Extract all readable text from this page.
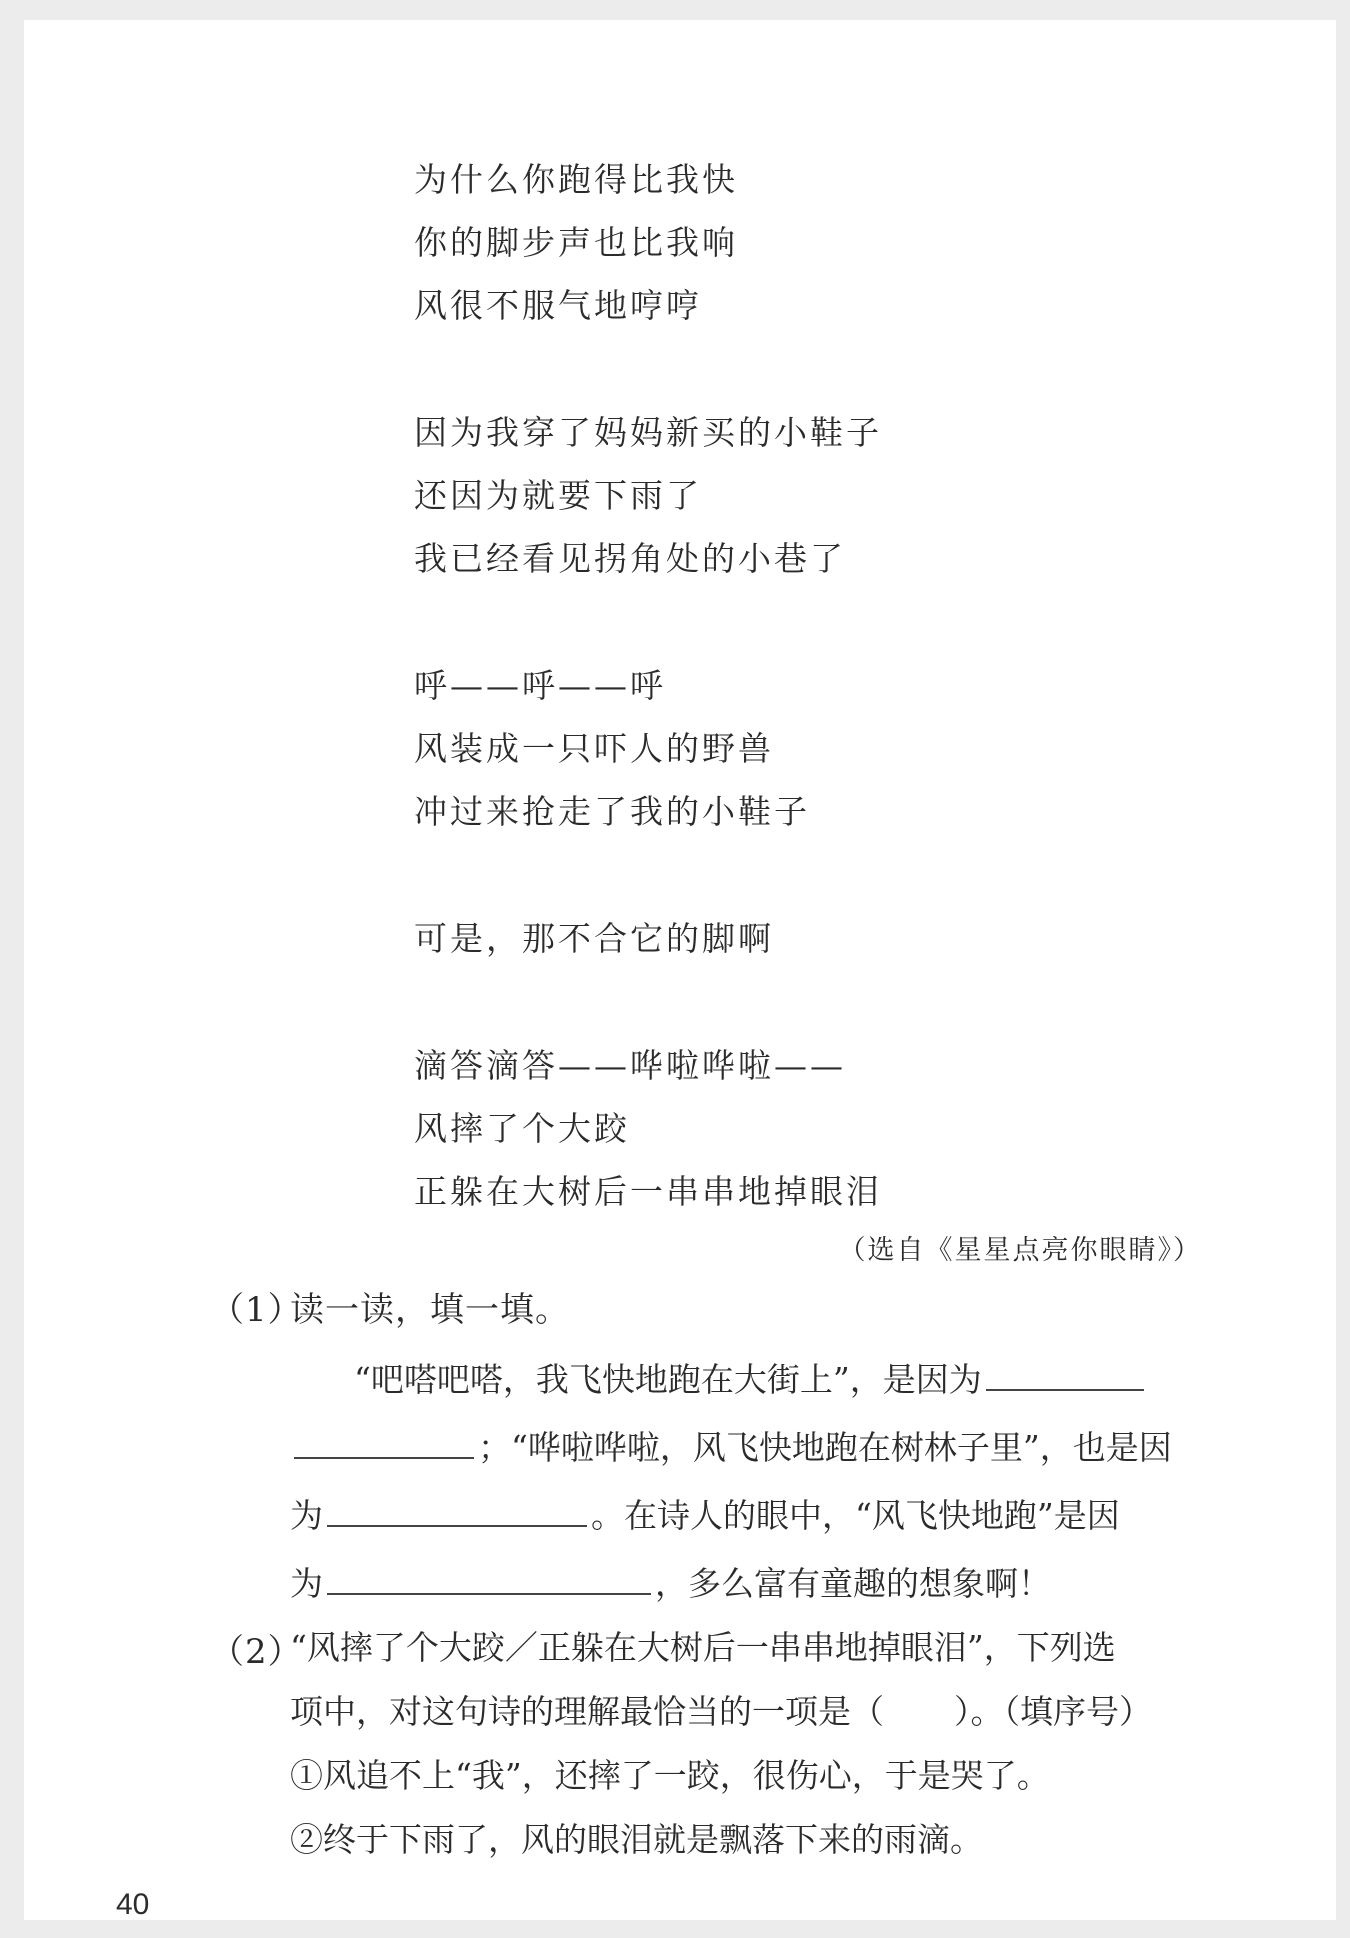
为什么你跑得比我快
你的脚步声也比我响
风很不服气地哼哼
因为我穿了妈妈新买的小鞋子
还因为就要下雨了
我已经看见拐角处的小巷了
呼——呼——呼
风装成一只吓人的野兽
冲过来抢走了我的小鞋子
可是，那不合它的脚啊
滴答滴答——哗啦哗啦——
风摔了个大跤
正躲在大树后一串串地掉眼泪
（选自《星星点亮你眼睛》）
（1）读一读，填一填。
“吧嗒吧嗒，我飞快地跑在大街上”，是因为
；“哗啦哗啦，风飞快地跑在树林子里”，也是因
为	。在诗人的眼中，“风飞快地跑”是因
为	，多么富有童趣的想象啊！
（2）
“风摔了个大跤／正躲在大树后一串串地掉眼泪”，下列选
项中，对这句诗的理解最恰当的一项是（ ）。（填序号）
①风追不上“我”，还摔了一跤，很伤心，于是哭了。
②终于下雨了，风的眼泪就是飘落下来的雨滴。
40
